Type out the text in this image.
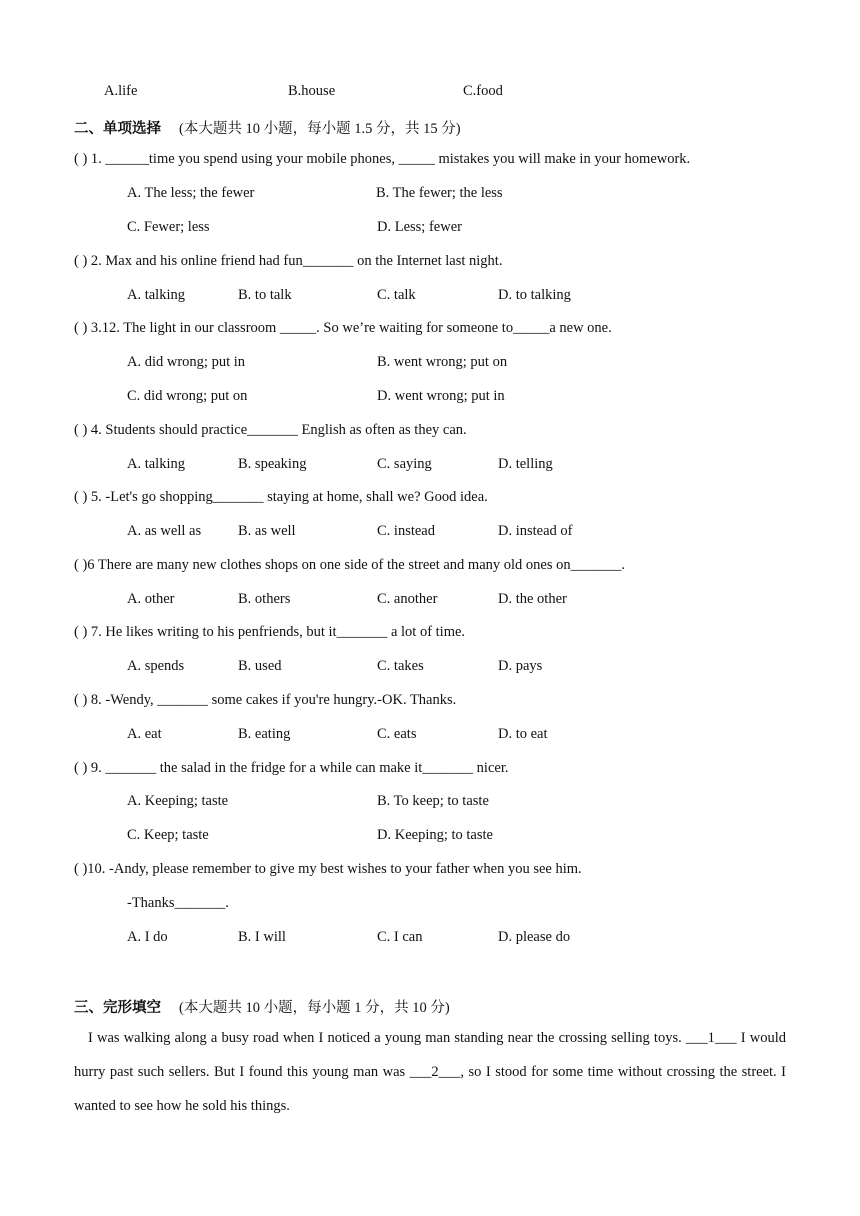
A.life	B.house	C.food
二、单项选择 (本大题共 10 小题，每小题 1.5 分，共 15 分)
( ) 1. ______time you spend using your mobile phones, _____ mistakes you will make in your homework.
A. The less; the fewer	B. The fewer; the less
C. Fewer; less	D. Less; fewer
( ) 2. Max and his online friend had fun_______ on the Internet last night.
A. talking	B. to talk	C. talk	D. to talking
( ) 3.12. The light in our classroom _____. So we’re waiting for someone to_____a new one.
A. did wrong; put in	B. went wrong; put on
C. did wrong; put on	D. went wrong; put in
( ) 4. Students should practice_______ English as often as they can.
A. talking	B. speaking	C. saying	D. telling
( ) 5. -Let's go shopping_______ staying at home, shall we? Good idea.
A. as well as	B. as well	C. instead	D. instead of
( )6 There are many new clothes shops on one side of the street and many old ones on_______.
A. other	B. others	C. another	D. the other
( ) 7. He likes writing to his penfriends, but it_______ a lot of time.
A. spends	B. used	C. takes	D. pays
( ) 8. -Wendy, _______ some cakes if you're hungry.-OK. Thanks.
A. eat	B. eating	C. eats	D. to eat
( ) 9. _______ the salad in the fridge for a while can make it_______ nicer.
A. Keeping; taste	B. To keep; to taste
C. Keep; taste	D. Keeping; to taste
( )10. -Andy, please remember to give my best wishes to your father when you see him.
-Thanks_______.
A. I do	B. I will	C. I can	D. please do
三、完形填空 (本大题共 10 小题，每小题 1 分，共 10 分)
I was walking along a busy road when I noticed a young man standing near the crossing selling toys. ___1___ I would hurry past such sellers. But I found this young man was ___2___, so I stood for some time without crossing the street. I wanted to see how he sold his things.
